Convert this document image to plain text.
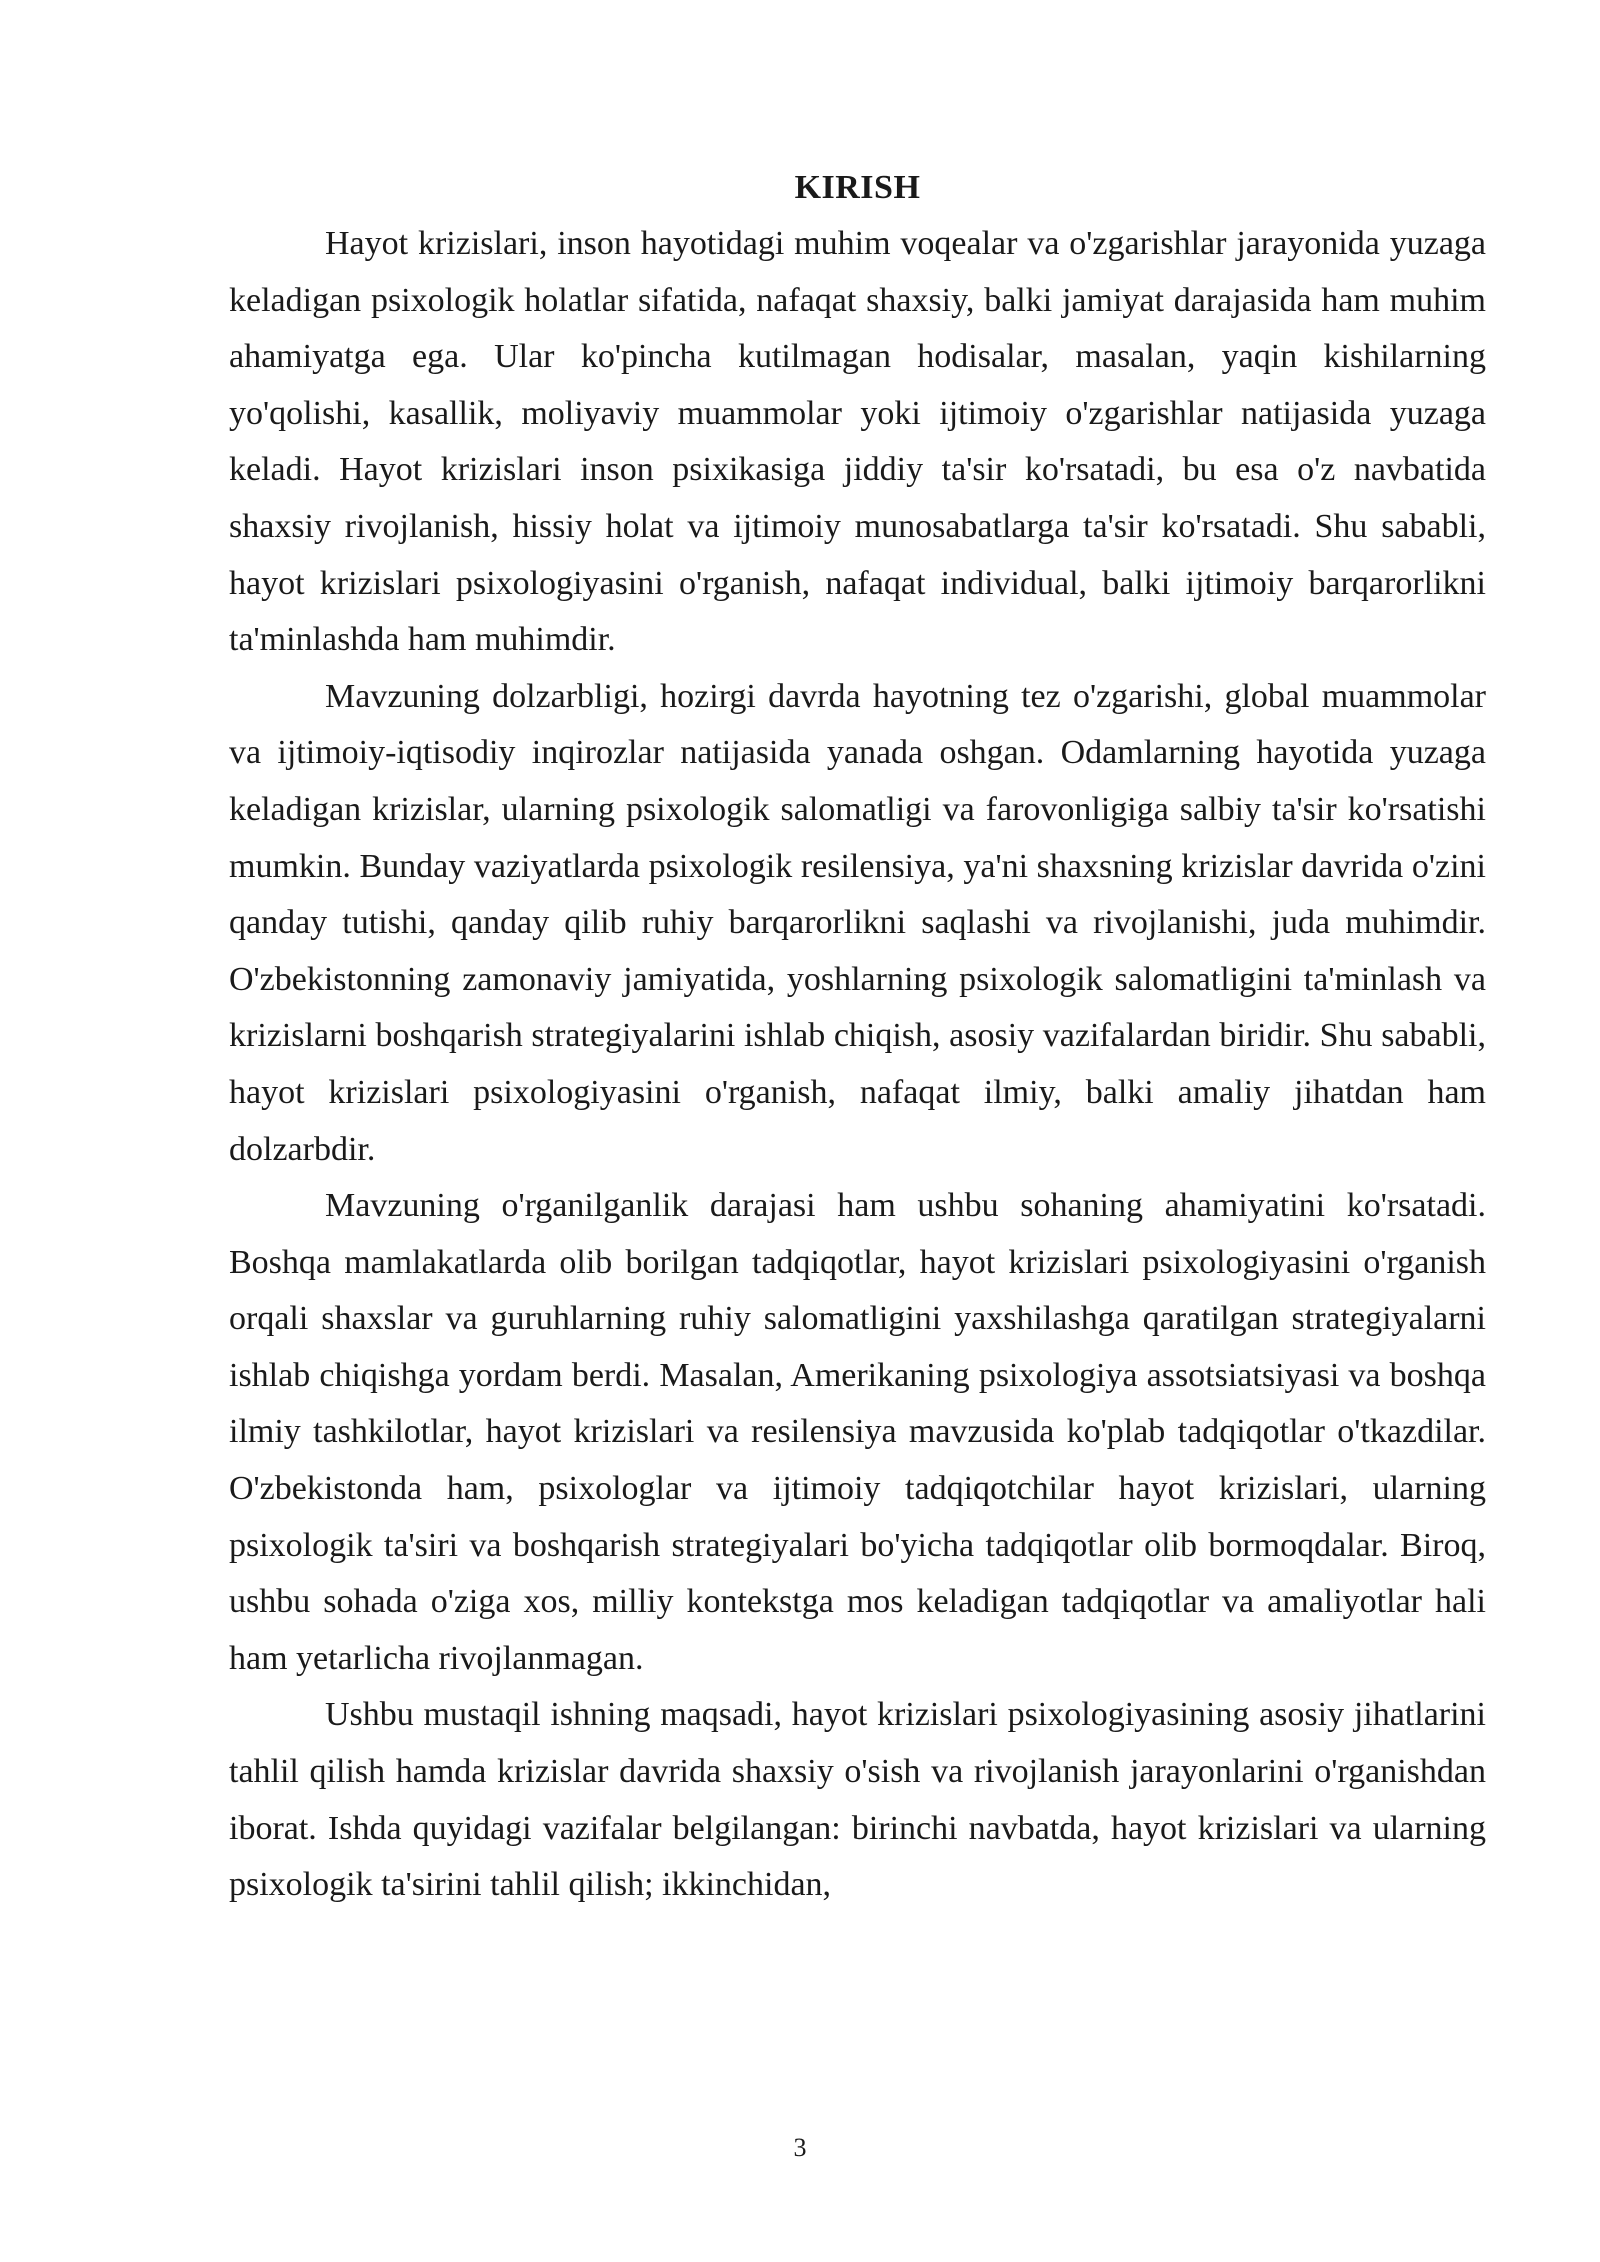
KIRISH

Hayot krizislari, inson hayotidagi muhim voqealar va o'zgarishlar jarayonida yuzaga keladigan psixologik holatlar sifatida, nafaqat shaxsiy, balki jamiyat darajasida ham muhim ahamiyatga ega. Ular ko'pincha kutilmagan hodisalar, masalan, yaqin kishilarning yo'qolishi, kasallik, moliyaviy muammolar yoki ijtimoiy o'zgarishlar natijasida yuzaga keladi. Hayot krizislari inson psixikasiga jiddiy ta'sir ko'rsatadi, bu esa o'z navbatida shaxsiy rivojlanish, hissiy holat va ijtimoiy munosabatlarga ta'sir ko'rsatadi. Shu sababli, hayot krizislari psixologiyasini o'rganish, nafaqat individual, balki ijtimoiy barqarorlikni ta'minlashda ham muhimdir.

Mavzuning dolzarbligi, hozirgi davrda hayotning tez o'zgarishi, global muammolar va ijtimoiy-iqtisodiy inqirozlar natijasida yanada oshgan. Odamlarning hayotida yuzaga keladigan krizislar, ularning psixologik salomatligi va farovonligiga salbiy ta'sir ko'rsatishi mumkin. Bunday vaziyatlarda psixologik resilensiya, ya'ni shaxsning krizislar davrida o'zini qanday tutishi, qanday qilib ruhiy barqarorlikni saqlashi va rivojlanishi, juda muhimdir. O'zbekistonning zamonaviy jamiyatida, yoshlarning psixologik salomatligini ta'minlash va krizislarni boshqarish strategiyalarini ishlab chiqish, asosiy vazifalardan biridir. Shu sababli, hayot krizislari psixologiyasini o'rganish, nafaqat ilmiy, balki amaliy jihatdan ham dolzarbdir.

Mavzuning o'rganilganlik darajasi ham ushbu sohaning ahamiyatini ko'rsatadi. Boshqa mamlakatlarda olib borilgan tadqiqotlar, hayot krizislari psixologiyasini o'rganish orqali shaxslar va guruhlarning ruhiy salomatligini yaxshilashga qaratilgan strategiyalarni ishlab chiqishga yordam berdi. Masalan, Amerikaning psixologiya assotsiatsiyasi va boshqa ilmiy tashkilotlar, hayot krizislari va resilensiya mavzusida ko'plab tadqiqotlar o'tkazdilar. O'zbekistonda ham, psixologlar va ijtimoiy tadqiqotchilar hayot krizislari, ularning psixologik ta'siri va boshqarish strategiyalari bo'yicha tadqiqotlar olib bormoqdalar. Biroq, ushbu sohada o'ziga xos, milliy kontekstga mos keladigan tadqiqotlar va amaliyotlar hali ham yetarlicha rivojlanmagan.

Ushbu mustaqil ishning maqsadi, hayot krizislari psixologiyasining asosiy jihatlarini tahlil qilish hamda krizislar davrida shaxsiy o'sish va rivojlanish jarayonlarini o'rganishdan iborat. Ishda quyidagi vazifalar belgilangan: birinchi navbatda, hayot krizislari va ularning psixologik ta'sirini tahlil qilish; ikkinchidan,

3
